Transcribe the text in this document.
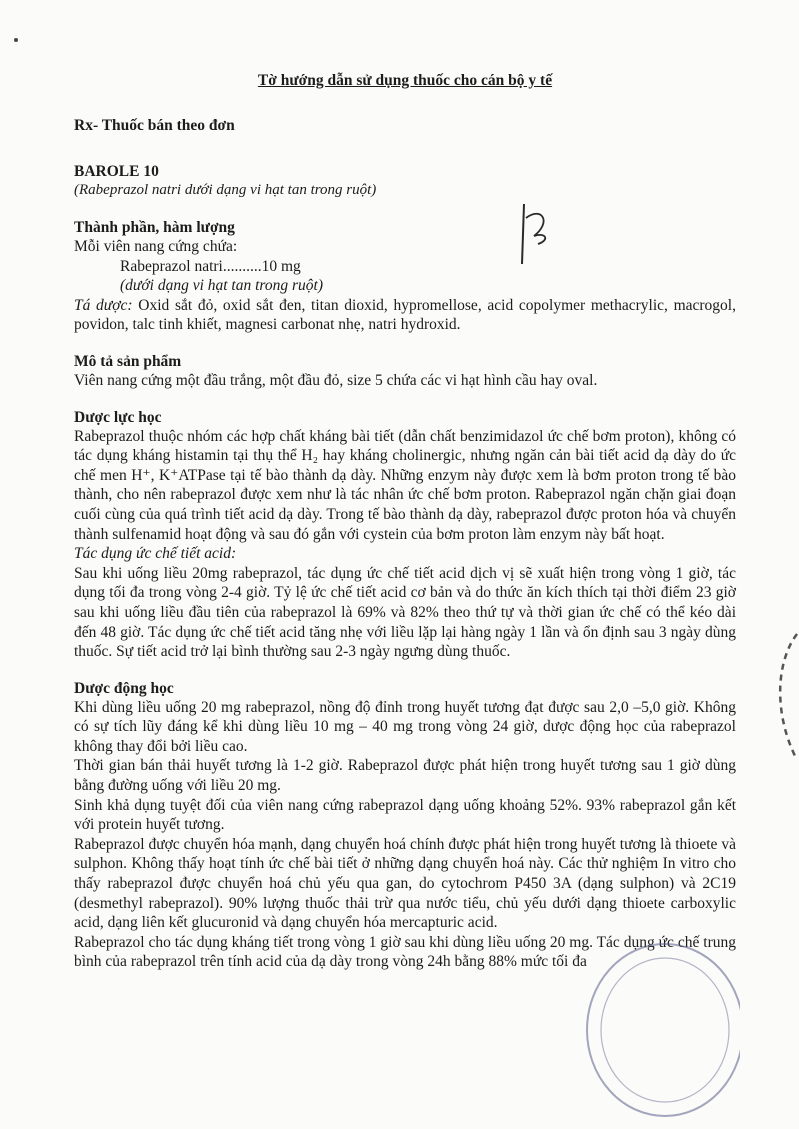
Tờ hướng dẫn sử dụng thuốc cho cán bộ y tế
Rx- Thuốc bán theo đơn
BAROLE 10
(Rabeprazol natri dưới dạng vi hạt tan trong ruột)
Thành phần, hàm lượng

Mỗi viên nang cứng chứa:

Rabeprazol natri..........10 mg

(dưới dạng vi hạt tan trong ruột)

Tá dược: Oxid sắt đỏ, oxid sắt đen, titan dioxid, hypromellose, acid copolymer methacrylic, macrogol, povidon, talc tinh khiết, magnesi carbonat nhẹ, natri hydroxid.

Mô tả sản phẩm

Viên nang cứng một đầu trắng, một đầu đỏ, size 5 chứa các vi hạt hình cầu hay oval.

Dược lực học

Rabeprazol thuộc nhóm các hợp chất kháng bài tiết (dẫn chất benzimidazol ức chế bơm proton), không có tác dụng kháng histamin tại thụ thể H₂ hay kháng cholinergic, nhưng ngăn cản bài tiết acid dạ dày do ức chế men H⁺, K⁺ATPase tại tế bào thành dạ dày. Những enzym này được xem là bơm proton trong tế bào thành, cho nên rabeprazol được xem như là tác nhân ức chế bơm proton. Rabeprazol ngăn chặn giai đoạn cuối cùng của quá trình tiết acid dạ dày. Trong tế bào thành dạ dày, rabeprazol được proton hóa và chuyển thành sulfenamid hoạt động và sau đó gắn với cystein của bơm proton làm enzym này bất hoạt.

Tác dụng ức chế tiết acid:

Sau khi uống liều 20mg rabeprazol, tác dụng ức chế tiết acid dịch vị sẽ xuất hiện trong vòng 1 giờ, tác dụng tối đa trong vòng 2-4 giờ. Tỷ lệ ức chế tiết acid cơ bản và do thức ăn kích thích tại thời điểm 23 giờ sau khi uống liều đầu tiên của rabeprazol là 69% và 82% theo thứ tự và thời gian ức chế có thể kéo dài đến 48 giờ. Tác dụng ức chế tiết acid tăng nhẹ với liều lặp lại hàng ngày 1 lần và ổn định sau 3 ngày dùng thuốc. Sự tiết acid trở lại bình thường sau 2-3 ngày ngưng dùng thuốc.

Dược động học

Khi dùng liều uống 20 mg rabeprazol, nồng độ đỉnh trong huyết tương đạt được sau 2,0 –5,0 giờ. Không có sự tích lũy đáng kể khi dùng liều 10 mg – 40 mg trong vòng 24 giờ, dược động học của rabeprazol không thay đổi bởi liều cao.

Thời gian bán thải huyết tương là 1-2 giờ. Rabeprazol được phát hiện trong huyết tương sau 1 giờ dùng bằng đường uống với liều 20 mg.

Sinh khả dụng tuyệt đối của viên nang cứng rabeprazol dạng uống khoảng 52%. 93% rabeprazol gắn kết với protein huyết tương.

Rabeprazol được chuyển hóa mạnh, dạng chuyển hoá chính được phát hiện trong huyết tương là thioete và sulphon. Không thấy hoạt tính ức chế bài tiết ở những dạng chuyển hoá này. Các thử nghiệm In vitro cho thấy rabeprazol được chuyển hoá chủ yếu qua gan, do cytochrom P450 3A (dạng sulphon) và 2C19 (desmethyl rabeprazol). 90% lượng thuốc thải trừ qua nước tiểu, chủ yếu dưới dạng thioete carboxylic acid, dạng liên kết glucuronid và dạng chuyển hóa mercapturic acid.

Rabeprazol cho tác dụng kháng tiết trong vòng 1 giờ sau khi dùng liều uống 20 mg. Tác dụng ức chế trung bình của rabeprazol trên tính acid của dạ dày trong vòng 24h bằng 88% mức tối đa
